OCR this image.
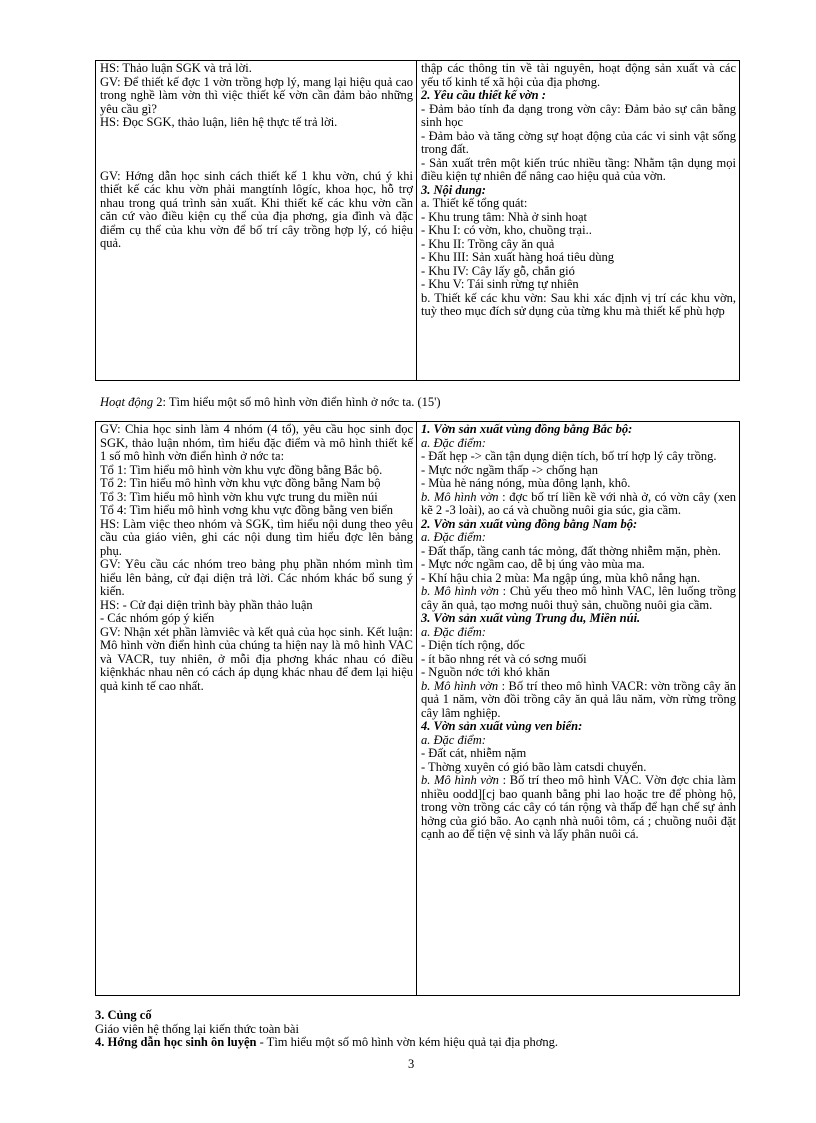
HS: Thảo luận SGK và trả lời.

GV: Để thiết kế đợc 1 vờn trồng hợp lý, mang lại hiệu quả cao trong nghề làm vờn thì việc thiết kế vờn cần đảm bảo những yêu cầu gì?

HS: Đọc SGK, thảo luận, liên hệ thực tế trả lời.

GV: Hớng dẫn học sinh cách thiết kế 1 khu vờn, chú ý khi thiết kế các khu vờn phải mangtính lôgíc, khoa học, hỗ trợ nhau trong quá trình sản xuất. Khi thiết kế các khu vờn cần căn cứ vào điều kiện cụ thể của địa phơng, gia đình và đặc điểm cụ thể của khu vờn để bố trí cây trồng hợp lý, có hiệu quả.

thập các thông tin về tài nguyên, hoạt động sản xuất và các yếu tố kinh tế xã hội của địa phơng.

2. Yêu cầu thiết kế vờn :

- Đảm bảo tính đa dạng trong vờn cây: Đảm bảo sự cân bằng sinh học

- Đảm bảo và tăng cờng sự hoạt động của các vi sinh vật sống trong đất.

- Sản xuất trên một kiến trúc nhiều tầng: Nhằm tận dụng mọi điều kiện tự nhiên để nâng cao hiệu quả của vờn.

3. Nội dung:

a. Thiết kế tổng quát:

- Khu trung tâm: Nhà ở sinh hoạt

- Khu I: có vờn, kho, chuồng trại..

- Khu II: Trồng cây ăn quả

- Khu III: Sản xuất hàng hoá tiêu dùng

- Khu IV: Cây lấy gỗ, chắn gió

- Khu V: Tái sinh rừng tự nhiên

b. Thiết kế các khu vờn: Sau khi xác định vị trí các khu vờn, tuỳ theo mục đích sử dụng của từng khu mà thiết kế phù hợp

Hoạt động 2: Tìm hiểu một số mô hình vờn điển hình ở nớc ta. (15')

GV: Chia học sinh làm 4 nhóm (4 tổ), yêu cầu học sinh đọc SGK, thảo luận nhóm, tìm hiểu đặc điểm và mô hình thiết kế 1 số mô hình vờn điển hình ở nớc ta:

Tổ 1: Tìm hiểu mô hình vờn khu vực đồng bằng Bắc bộ.

Tổ 2: Tìn hiểu mô hình vờn khu vực đồng bằng Nam bộ

Tổ 3: Tìm hiểu mô hình vờn khu vực trung du miền núi

Tổ 4: Tìm hiểu mô hình vơng khu vực đồng bằng ven biển

HS: Làm việc theo nhóm và SGK, tìm hiểu nội dung theo yêu cầu của giáo viên, ghi các nội dung tìm hiểu đợc lên bảng phụ.

GV: Yêu cầu các nhóm treo bảng phụ phần nhóm mình tìm hiểu lên bảng, cử đại diện trả lời. Các nhóm khác bổ sung ý kiến.

HS: - Cử đại diện trình bày phần thảo luận

- Các nhóm góp ý kiến

GV: Nhận xét phần làmviêc và kết quả của học sinh. Kết luận: Mô hình vờn điển hình của chúng ta hiện nay là mô hình VAC và VACR, tuy nhiên, ở mỗi địa phơng khác nhau có điều kiệnkhác nhau nên có cách áp dụng khác nhau để đem lại hiệu quả kinh tế cao nhất.

1. Vờn sản xuất vùng đồng bằng Bắc bộ:

a. Đặc điểm:

- Đất hẹp -> cần tận dụng diện tích, bố trí hợp lý cây trồng.

- Mực nớc ngầm thấp -> chống hạn

- Mùa hè náng nóng, mùa đông lạnh, khô.

b. Mô hình vờn : đợc bố trí liền kề với nhà ở, có vờn cây (xen kẽ 2 -3 loài), ao cá và chuồng nuôi gia súc, gia cầm.

2. Vờn sản xuất vùng đồng bằng Nam bộ:

a. Đặc điểm:

- Đất thấp, tầng canh tác mỏng, đất thờng nhiễm mặn, phèn.

- Mực nớc ngầm cao, dễ bị úng vào mùa ma.

- Khí hậu chia 2 mùa: Ma ngập úng, mùa khô nắng hạn.

b. Mô hình vờn : Chủ yếu theo mô hình VAC, lên luống trồng cây ăn quả, tạo mơng nuôi thuỷ sản, chuồng nuôi gia cầm.

3. Vờn sản xuất vùng Trung du, Miền núi.

a. Đặc điểm:

- Diện tích rộng, dốc

- ít bão nhng rét và có sơng muối

- Nguồn nớc tới khó khăn

b. Mô hình vờn : Bố trí theo mô hình VACR: vờn trồng cây ăn quả 1 năm, vờn đồi trồng cây ăn quả lâu năm, vờn rừng trồng cây lâm nghiệp.

4. Vờn sản xuất vùng ven biển:

a. Đặc điểm:

- Đất cát, nhiễm nặm

- Thờng xuyên có gió bão làm catsdi chuyển.

b. Mô hình vờn : Bố trí theo mô hình VAC. Vờn đợc chia làm nhiều oodd][cj bao quanh bằng phi lao hoặc tre để phòng hộ, trong vờn trồng các cây có tán rộng và thấp để hạn chế sự ảnh hởng của gió bão. Ao cạnh nhà nuôi tôm, cá ; chuồng nuôi đặt cạnh ao để tiện vệ sinh và lấy phân nuôi cá.

3. Củng cố

Giáo viên hệ thống lại kiến thức toàn bài

4. Hớng dẫn học sinh ôn luyện - Tìm hiểu một số mô hình vờn kém hiệu quả tại địa phơng.

3
